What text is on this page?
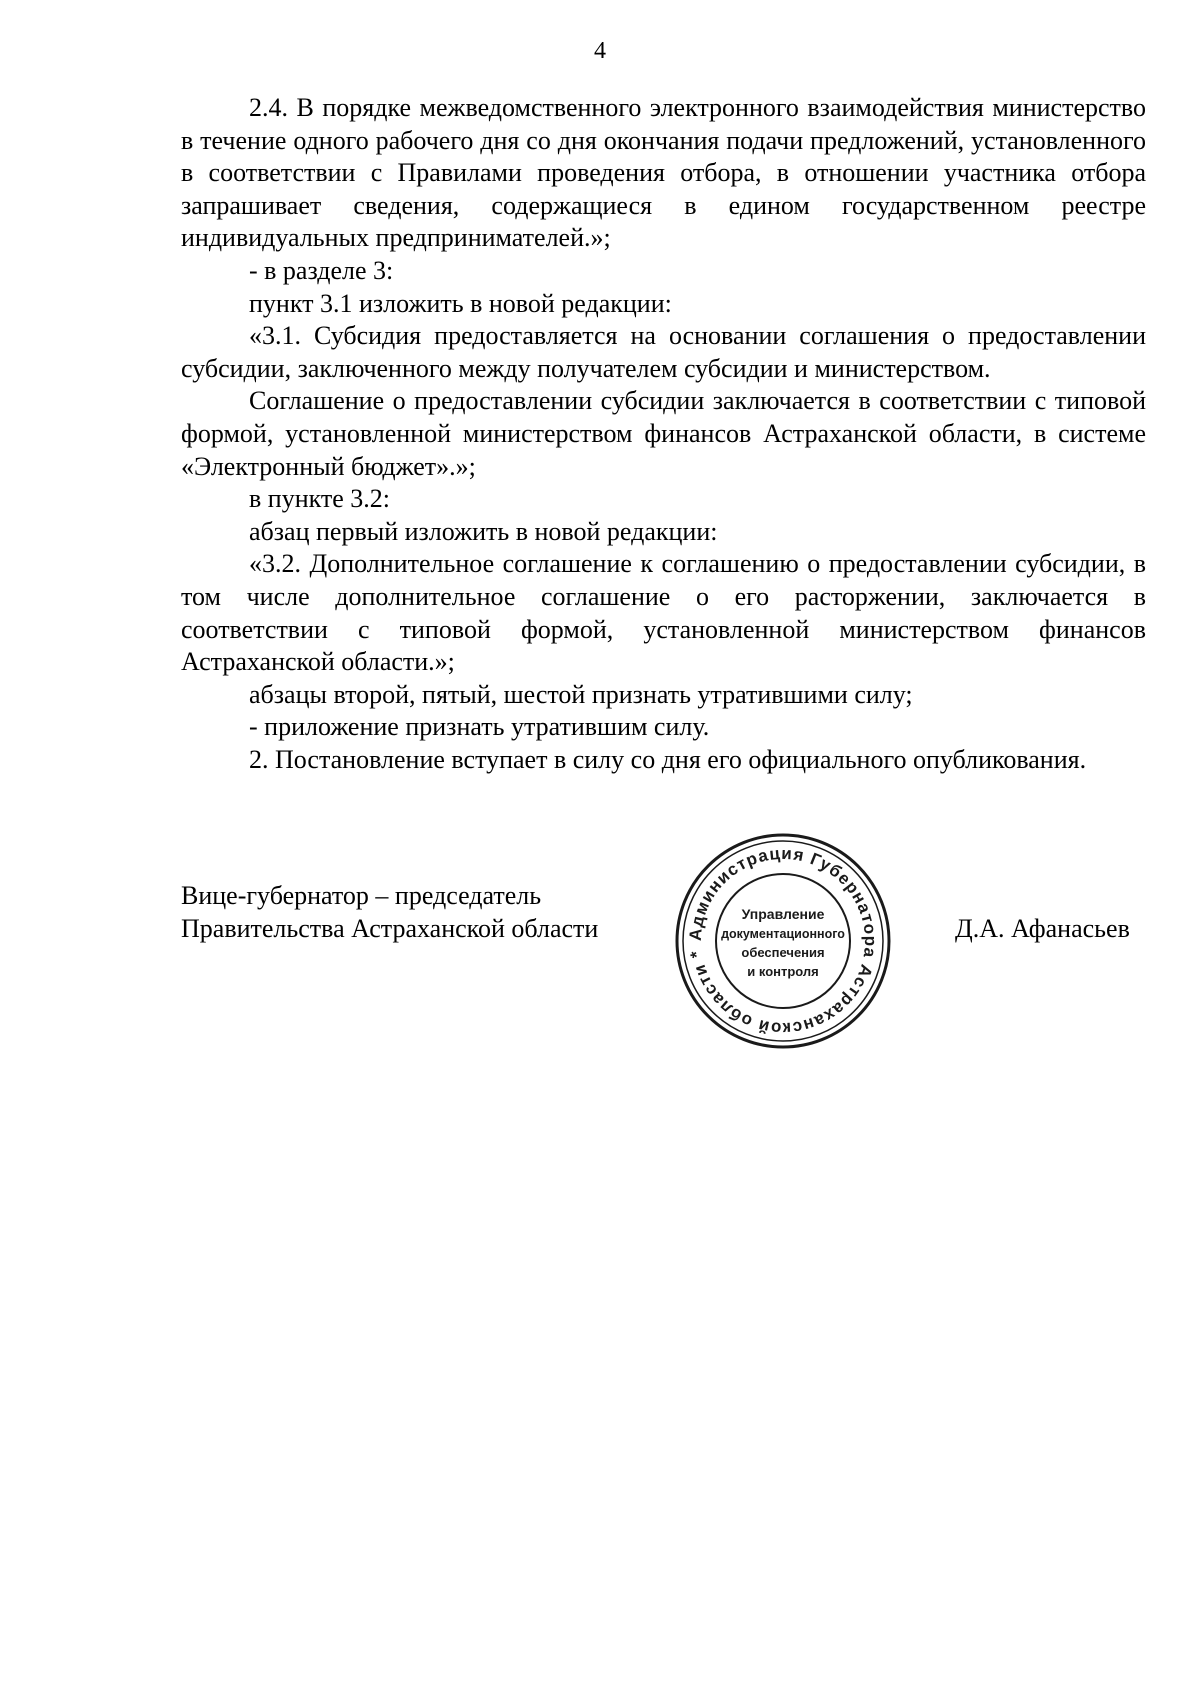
4

2.4. В порядке межведомственного электронного взаимодействия министерство в течение одного рабочего дня со дня окончания подачи предложений, установленного в соответствии с Правилами проведения отбора, в отношении участника отбора запрашивает сведения, содержащиеся в едином государственном реестре индивидуальных предпринимателей.»;

- в разделе 3:

пункт 3.1 изложить в новой редакции:

«3.1. Субсидия предоставляется на основании соглашения о предоставлении субсидии, заключенного между получателем субсидии и министерством.

Соглашение о предоставлении субсидии заключается в соответствии с типовой формой, установленной министерством финансов Астраханской области, в системе «Электронный бюджет».»;

в пункте 3.2:

абзац первый изложить в новой редакции:

«3.2. Дополнительное соглашение к соглашению о предоставлении субсидии, в том числе дополнительное соглашение о его расторжении, заключается в соответствии с типовой формой, установленной министерством финансов Астраханской области.»;

абзацы второй, пятый, шестой признать утратившими силу;

- приложение признать утратившим силу.

2. Постановление вступает в силу со дня его официального опубликования.

Вице-губернатор – председатель
Правительства Астраханской области	Администрация Губернатора Астраханской области *
Управление
документационного
обеспечения
и контроля
Д.А. Афанасьев
